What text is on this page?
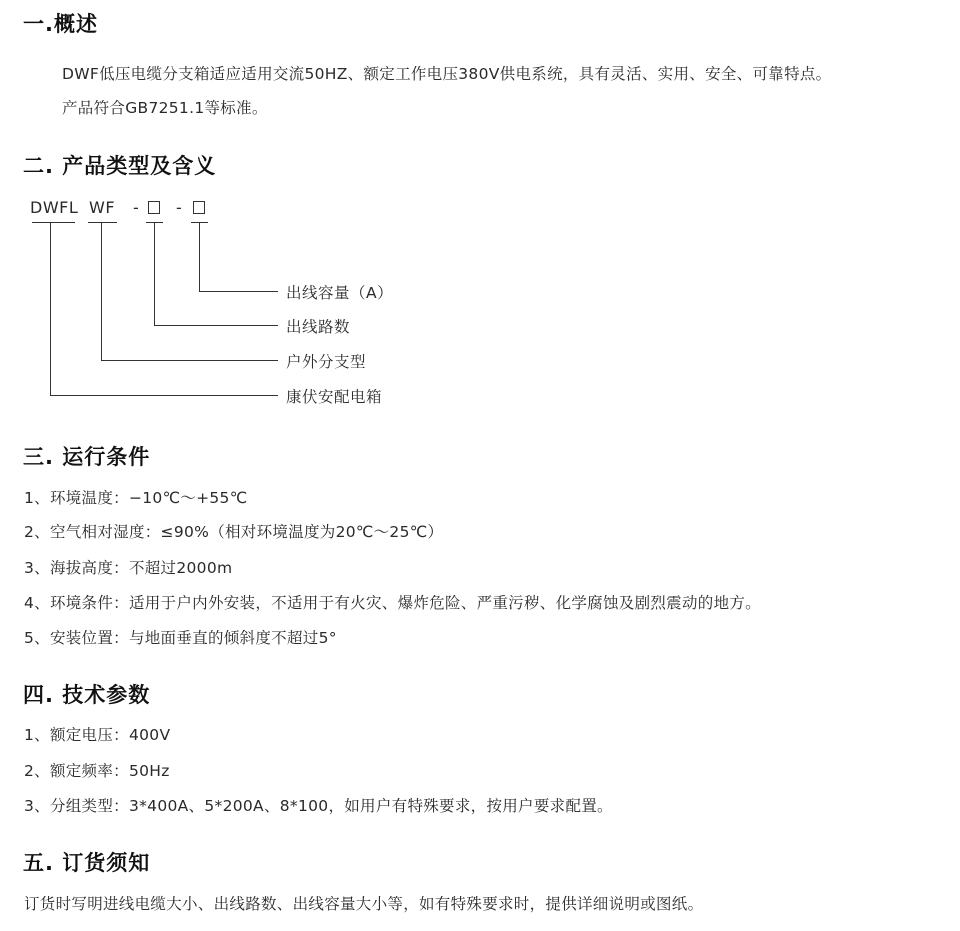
一.概述

DWF低压电缆分支箱适应适用交流50HZ、额定工作电压380V供电系统，具有灵活、实用、安全、可靠特点。

产品符合GB7251.1等标准。

二. 产品类型及含义
DWFL WF - -
出线容量（A）
出线路数
户外分支型
康伏安配电箱
三. 运行条件

1、环境温度：−10℃～+55℃

2、空气相对湿度：≤90%（相对环境温度为20℃～25℃）

3、海拔高度：不超过2000m

4、环境条件：适用于户内外安装，不适用于有火灾、爆炸危险、严重污秽、化学腐蚀及剧烈震动的地方。

5、安装位置：与地面垂直的倾斜度不超过5°

四. 技术参数

1、额定电压：400V

2、额定频率：50Hz

3、分组类型：3*400A、5*200A、8*100，如用户有特殊要求，按用户要求配置。

五. 订货须知

订货时写明进线电缆大小、出线路数、出线容量大小等，如有特殊要求时，提供详细说明或图纸。
